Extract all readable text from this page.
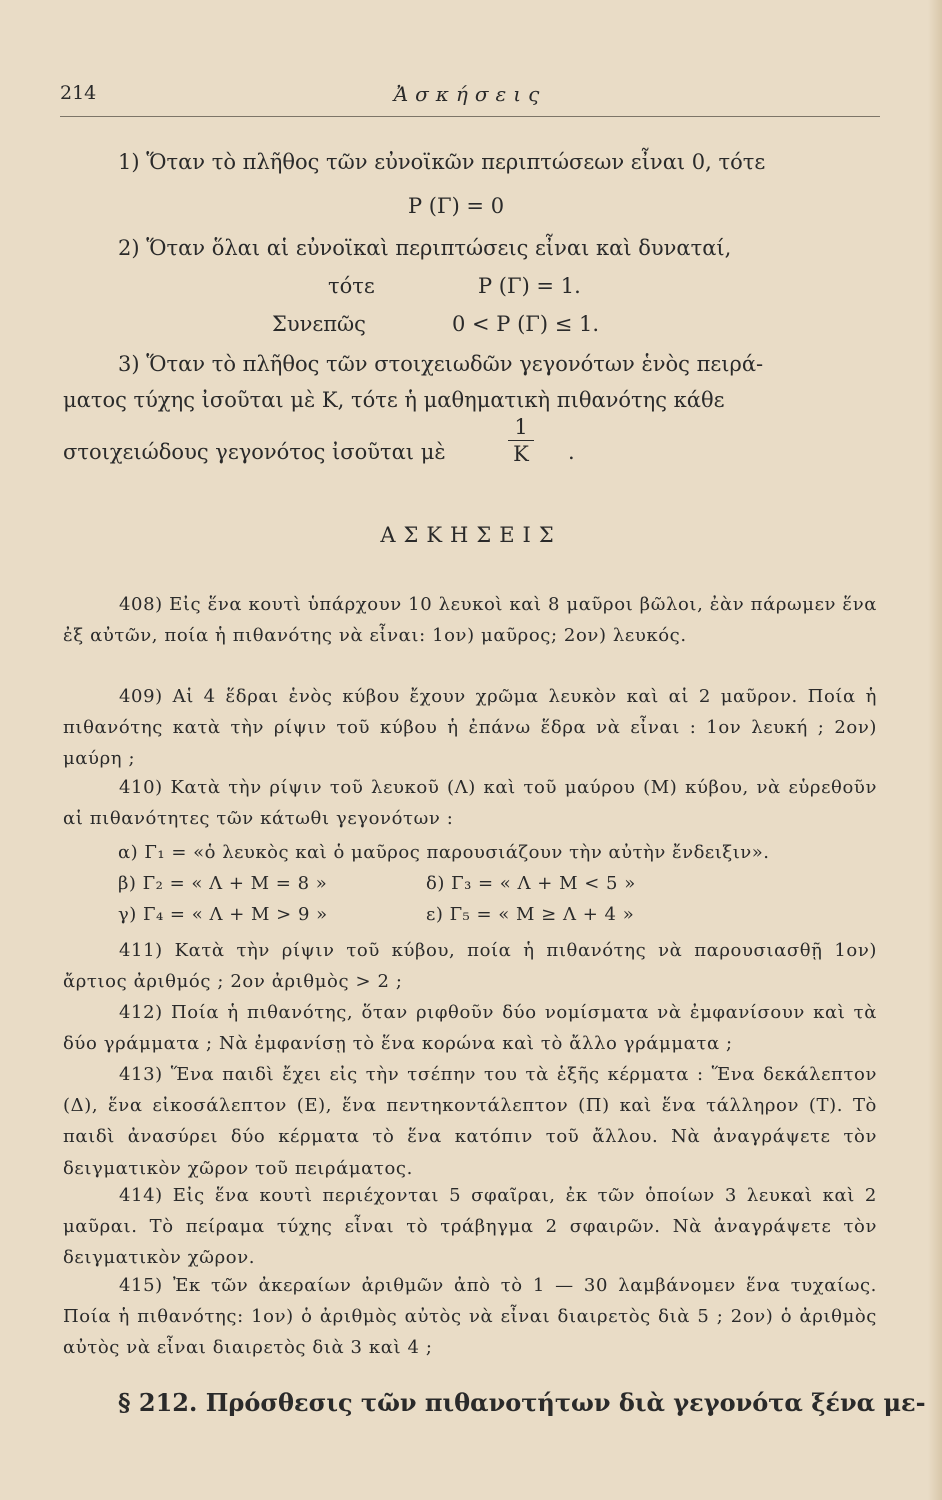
214	Ἀσκήσεις
1) Ὅταν τὸ πλῆθος τῶν εὐνοϊκῶν περιπτώσεων εἶναι 0, τότε
P (Γ) = 0
2) Ὅταν ὅλαι αἱ εὐνοϊκαὶ περιπτώσεις εἶναι καὶ δυναταί,
τότε	P (Γ) = 1.
Συνεπῶς	0 < P (Γ) ≤ 1.
3) Ὅταν τὸ πλῆθος τῶν στοιχειωδῶν γεγονότων ἑνὸς πειρά-
ματος τύχης ἰσοῦται μὲ K, τότε ἡ μαθηματικὴ πιθανότης κάθε
στοιχειώδους γεγονότος ἰσοῦται μὲ
1
K	.
ΑΣΚΗΣΕΙΣ

408) Εἰς ἕνα κουτὶ ὑπάρχουν 10 λευκοὶ καὶ 8 μαῦροι βῶλοι, ἐὰν πάρωμεν ἕνα ἐξ αὐτῶν, ποία ἡ πιθανότης νὰ εἶναι: 1ον) μαῦρος; 2ον) λευκός.

409) Αἱ 4 ἕδραι ἑνὸς κύβου ἔχουν χρῶμα λευκὸν καὶ αἱ 2 μαῦρον. Ποία ἡ πιθανότης κατὰ τὴν ρίψιν τοῦ κύβου ἡ ἐπάνω ἕδρα νὰ εἶναι : 1ον λευκή ; 2ον) μαύρη ;

410) Κατὰ τὴν ρίψιν τοῦ λευκοῦ (Λ) καὶ τοῦ μαύρου (Μ) κύβου, νὰ εὑρεθοῦν αἱ πιθανότητες τῶν κάτωθι γεγονότων :

α) Γ₁ = «ὁ λευκὸς καὶ ὁ μαῦρος παρουσιάζουν τὴν αὐτὴν ἔνδειξιν».
β) Γ₂ = « Λ + Μ = 8 »	δ) Γ₃ = « Λ + Μ < 5 »
γ) Γ₄ = « Λ + Μ > 9 »	ε) Γ₅ = « Μ ≥ Λ + 4 »

411) Κατὰ τὴν ρίψιν τοῦ κύβου, ποία ἡ πιθανότης νὰ παρουσιασθῇ 1ον) ἄρτιος ἀριθμός ; 2ον ἀριθμὸς > 2 ;

412) Ποία ἡ πιθανότης, ὅταν ριφθοῦν δύο νομίσματα νὰ ἐμφανίσουν καὶ τὰ δύο γράμματα ; Νὰ ἐμφανίσῃ τὸ ἕνα κορώνα καὶ τὸ ἄλλο γράμματα ;

413) Ἕνα παιδὶ ἔχει εἰς τὴν τσέπην του τὰ ἑξῆς κέρματα : Ἕνα δεκάλεπτον (Δ), ἕνα εἰκοσάλεπτον (Ε), ἕνα πεντηκοντάλεπτον (Π) καὶ ἕνα τάλληρον (Τ). Τὸ παιδὶ ἀνασύρει δύο κέρματα τὸ ἕνα κατόπιν τοῦ ἄλλου. Νὰ ἀναγράψετε τὸν δειγματικὸν χῶρον τοῦ πειράματος.

414) Εἰς ἕνα κουτὶ περιέχονται 5 σφαῖραι, ἐκ τῶν ὁποίων 3 λευκαὶ καὶ 2 μαῦραι. Τὸ πείραμα τύχης εἶναι τὸ τράβηγμα 2 σφαιρῶν. Νὰ ἀναγράψετε τὸν δειγματικὸν χῶρον.

415) Ἐκ τῶν ἀκεραίων ἀριθμῶν ἀπὸ τὸ 1 — 30 λαμβάνομεν ἕνα τυχαίως. Ποία ἡ πιθανότης: 1ον) ὁ ἀριθμὸς αὐτὸς νὰ εἶναι διαιρετὸς διὰ 5 ; 2ον) ὁ ἀριθμὸς αὐτὸς νὰ εἶναι διαιρετὸς διὰ 3 καὶ 4 ;

§ 212. Πρόσθεσις τῶν πιθανοτήτων διὰ γεγονότα ξένα με-
